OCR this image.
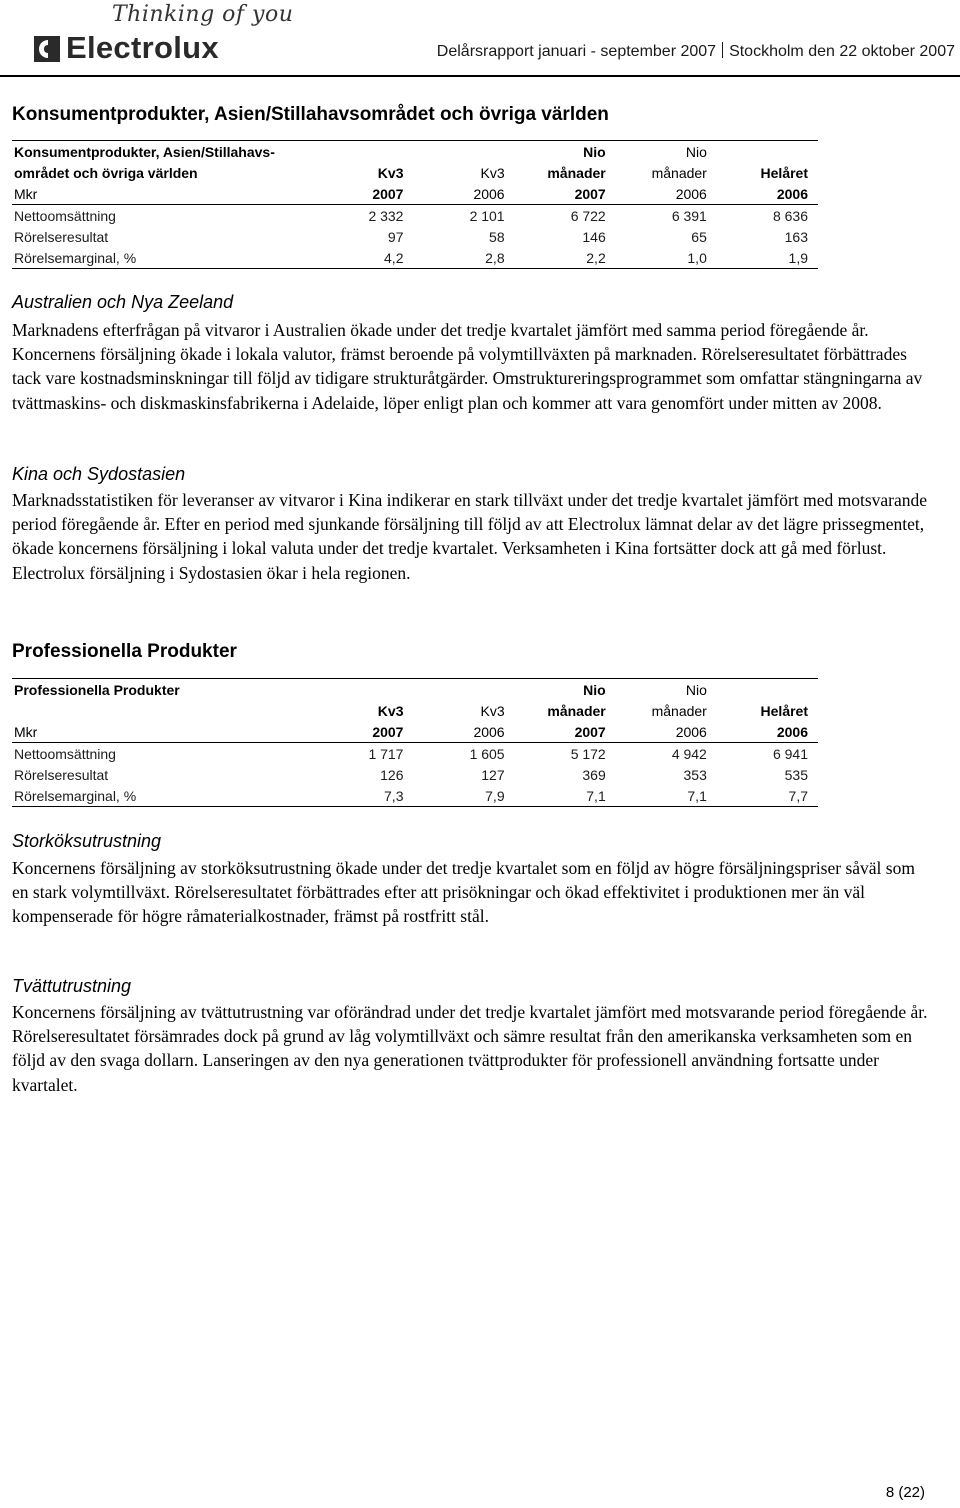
Thinking of you
Electrolux	Delårsrapport januari - september 2007 Stockholm den 22 oktober 2007
Konsumentprodukter, Asien/Stillahavsområdet och övriga världen
Konsumentprodukter, Asien/Stillahavs-			Nio	Nio	
området och övriga världen	Kv3	Kv3	månader	månader	Helåret
Mkr	2007	2006	2007	2006	2006
Nettoomsättning	2 332	2 101	6 722	6 391	8 636
Rörelseresultat	97	58	146	65	163
Rörelsemarginal, %	4,2	2,8	2,2	1,0	1,9
Australien och Nya Zeeland
Marknadens efterfrågan på vitvaror i Australien ökade under det tredje kvartalet jämfört med samma period föregående år. Koncernens försäljning ökade i lokala valutor, främst beroende på volymtillväxten på marknaden. Rörelseresultatet förbättrades tack vare kostnadsminskningar till följd av tidigare strukturåtgärder. Omstruktureringsprogrammet som omfattar stängningarna av tvättmaskins- och diskmaskinsfabrikerna i Adelaide, löper enligt plan och kommer att vara genomfört under mitten av 2008.
Kina och Sydostasien
Marknadsstatistiken för leveranser av vitvaror i Kina indikerar en stark tillväxt under det tredje kvartalet jämfört med motsvarande period föregående år. Efter en period med sjunkande försäljning till följd av att Electrolux lämnat delar av det lägre prissegmentet, ökade koncernens försäljning i lokal valuta under det tredje kvartalet. Verksamheten i Kina fortsätter dock att gå med förlust. Electrolux försäljning i Sydostasien ökar i hela regionen.
Professionella Produkter
Professionella Produkter			Nio	Nio	
	Kv3	Kv3	månader	månader	Helåret
Mkr	2007	2006	2007	2006	2006
Nettoomsättning	1 717	1 605	5 172	4 942	6 941
Rörelseresultat	126	127	369	353	535
Rörelsemarginal, %	7,3	7,9	7,1	7,1	7,7
Storköksutrustning
Koncernens försäljning av storköksutrustning ökade under det tredje kvartalet som en följd av högre försäljningspriser såväl som en stark volymtillväxt. Rörelseresultatet förbättrades efter att prisökningar och ökad effektivitet i produktionen mer än väl kompenserade för högre råmaterialkostnader, främst på rostfritt stål.
Tvättutrustning
Koncernens försäljning av tvättutrustning var oförändrad under det tredje kvartalet jämfört med motsvarande period föregående år. Rörelseresultatet försämrades dock på grund av låg volymtillväxt och sämre resultat från den amerikanska verksamheten som en följd av den svaga dollarn. Lanseringen av den nya generationen tvättprodukter för professionell användning fortsatte under kvartalet.
8 (22)
